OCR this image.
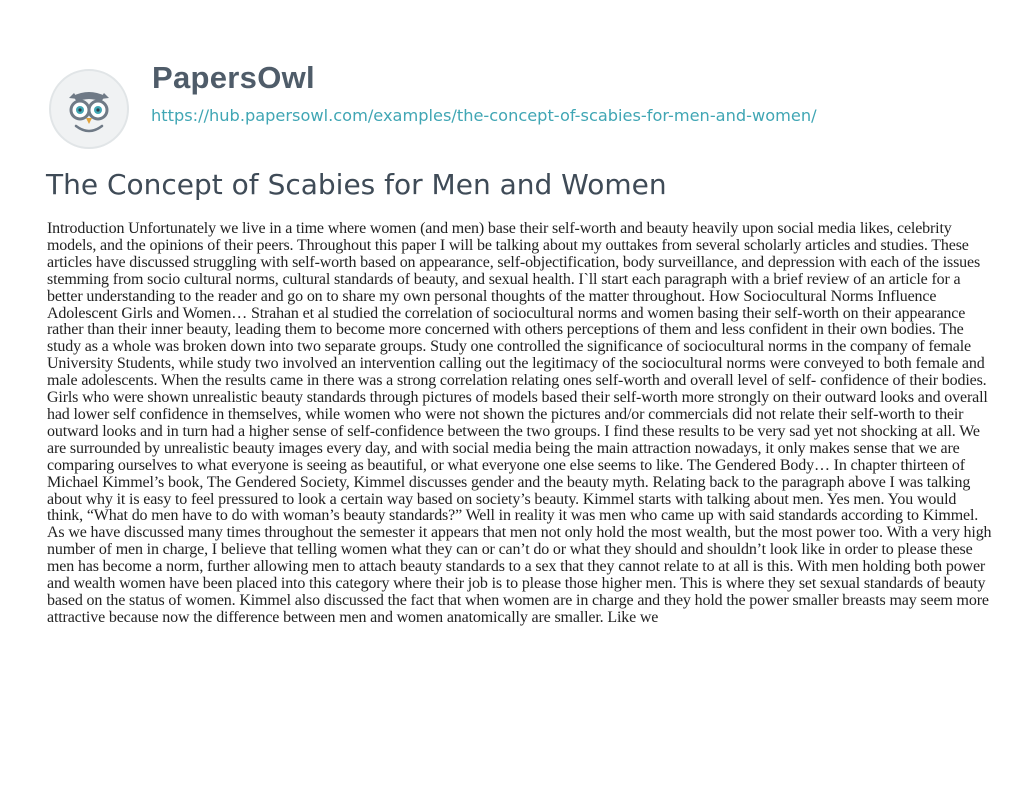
PapersOwl
https://hub.papersowl.com/examples/the-concept-of-scabies-for-men-and-women/
The Concept of Scabies for Men and Women

Introduction Unfortunately we live in a time where women (and men) base their self-worth and beauty heavily upon social media likes, celebrity models, and the opinions of their peers. Throughout this paper I will be talking about my outtakes from several scholarly articles and studies. These articles have discussed struggling with self-worth based on appearance, self-objectification, body surveillance, and depression with each of the issues stemming from socio cultural norms, cultural standards of beauty, and sexual health. I`ll start each paragraph with a brief review of an article for a better understanding to the reader and go on to share my own personal thoughts of the matter throughout. How Sociocultural Norms Influence Adolescent Girls and Women… Strahan et al studied the correlation of sociocultural norms and women basing their self-worth on their appearance rather than their inner beauty, leading them to become more concerned with others perceptions of them and less confident in their own bodies. The study as a whole was broken down into two separate groups. Study one controlled the significance of sociocultural norms in the company of female University Students, while study two involved an intervention calling out the legitimacy of the sociocultural norms were conveyed to both female and male adolescents. When the results came in there was a strong correlation relating ones self-worth and overall level of self- confidence of their bodies. Girls who were shown unrealistic beauty standards through pictures of models based their self-worth more strongly on their outward looks and overall had lower self confidence in themselves, while women who were not shown the pictures and/or commercials did not relate their self-worth to their outward looks and in turn had a higher sense of self-confidence between the two groups. I find these results to be very sad yet not shocking at all. We are surrounded by unrealistic beauty images every day, and with social media being the main attraction nowadays, it only makes sense that we are comparing ourselves to what everyone is seeing as beautiful, or what everyone one else seems to like. The Gendered Body… In chapter thirteen of Michael Kimmel’s book, The Gendered Society, Kimmel discusses gender and the beauty myth. Relating back to the paragraph above I was talking about why it is easy to feel pressured to look a certain way based on society’s beauty. Kimmel starts with talking about men. Yes men. You would think, “What do men have to do with woman’s beauty standards?” Well in reality it was men who came up with said standards according to Kimmel. As we have discussed many times throughout the semester it appears that men not only hold the most wealth, but the most power too. With a very high number of men in charge, I believe that telling women what they can or can’t do or what they should and shouldn’t look like in order to please these men has become a norm, further allowing men to attach beauty standards to a sex that they cannot relate to at all is this. With men holding both power and wealth women have been placed into this category where their job is to please those higher men. This is where they set sexual standards of beauty based on the status of women. Kimmel also discussed the fact that when women are in charge and they hold the power smaller breasts may seem more attractive because now the difference between men and women anatomically are smaller. Like we
